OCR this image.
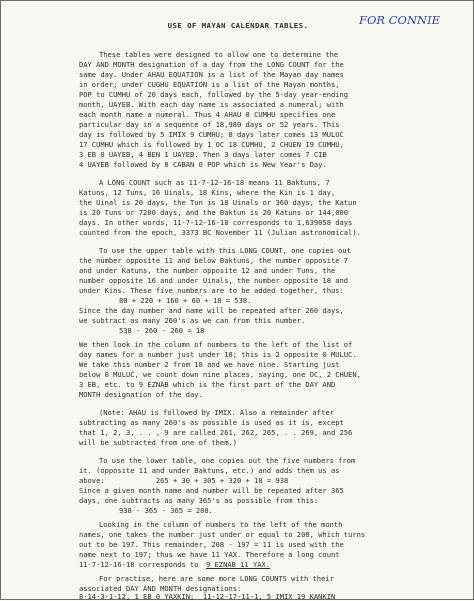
USE OF MAYAN CALENDAR TABLES.	FOR CONNIE
These tables were designed to allow one to determine the
DAY AND MONTH designation of a day from the LONG COUNT for the
same day. Under AHAU EQUATION is a list of the Mayan day names
in order; under CUGHU EQUATION is a list of the Mayan months,
POP to CUMHU of 20 days each, followed by the 5-day year-ending
month, UAYEB. With each day name is associated a numeral; with
each month name a numeral. Thus 4 AHAU 8 CUMHU specifies one
particular day in a sequence of 18,980 days or 52 years. This
day is followed by 5 IMIX 9 CUMHU; 8 days later comes 13 MULUC
17 CUMHU which is followed by 1 OC 18 CUMHU, 2 CHUEN 19 CUMHU,
3 EB 0 UAYEB, 4 BEN 1 UAYEB. Then 3 days later comes 7 CIB
4 UAYEB followed by 8 CABAN 0 POP which is New Year's Day.
A LONG COUNT such as 11-7-12-16-18 means 11 Baktuns, 7
Katuns, 12 Tuns, 16 Uinals, 18 Kins, where the Kin is 1 day,
the Uinal is 20 days, the Tun is 18 Uinals or 360 days, the Katun
is 20 Tuns or 7200 days, and the Baktun is 20 Katuns or 144,000
days. In other words, 11-7-12-16-18 corresponds to 1,639058 days
counted from the epoch, 3373 BC November 11 (Julian astronomical).
To use the upper table with this LONG COUNT, one copies out
the number opposite 11 and below Baktuns, the number opposite 7
and under Katuns, the number opposite 12 and under Tuns, the
number opposite 16 and under Uinals, the number opposite 18 and
under Kins. These five numbers are to be added together, thus:
80 + 220 + 160 + 60 + 18 = 538.
Since the day number and name will be repeated after 260 days,
we subtract as many 260's as we can from this number.
538 - 260 - 260 = 18
We then look in the column of numbers to the left of the list of
day names for a number just under 18; this is 2 opposite 0 MULUC.
We take this number 2 from 18 and we have nine. Starting just
below 0 MULUC, we count down nine places, saying, one OC, 2 CHUEN,
3 EB, etc. to 9 EZNAB which is the first part of the DAY AND
MONTH designation of the day.
(Note: AHAU is followed by IMIX. Also a remainder after
subtracting as many 260's as possible is used as it is, except
that 1, 2, 3, . . , 9 are called 261, 262, 265, . . 269, and 256
will be subtracted from one of them.)
To use the lower table, one copies out the five numbers from
it. (opposite 11 and under Baktuns, etc.) and adds them us as
above:            265 + 30 + 305 + 320 + 18 = 938
Since a given month name and number will be repeated after 365
days, one subtracts as many 365's as possible from this:
938 - 365 - 365 = 208.
Looking in the column of numbers to the left of the month
names, one takes the number just under or equal to 208, which turns
out to be 197. This remainder, 208 - 197 = 11 is used with the
name next to 197; thus we have 11 YAX. Therefore a long count
11-7-12-16-18 corresponds to 9 EZNAB 11 YAX.
For practise, here are some more LONG COUNTS with their
associated DAY AND MONTH designations:
8-14-3-1-12, 1 EB 0 YAXKIN;  11-12-17-11-1, 5 IMIX 19 KANKIN
